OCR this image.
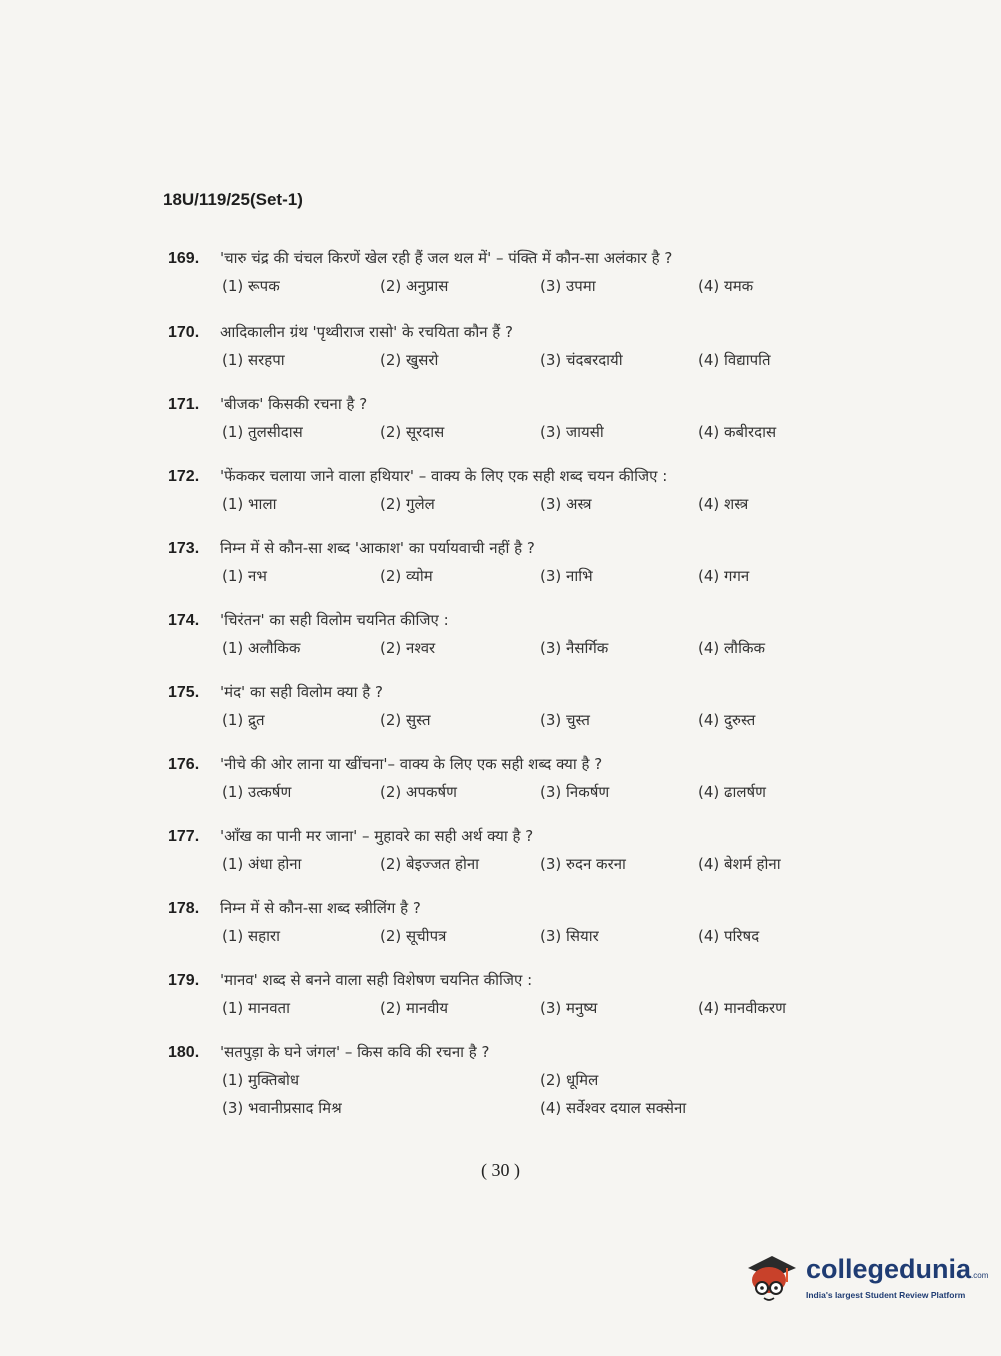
18U/119/25(Set-1)
169.	'चारु चंद्र की चंचल किरणें खेल रही हैं जल थल में' – पंक्ति में कौन-सा अलंकार है ?
(1) रूपक	(2) अनुप्रास	(3) उपमा	(4) यमक
170.	आदिकालीन ग्रंथ 'पृथ्वीराज रासो' के रचयिता कौन हैं ?
(1) सरहपा	(2) खुसरो	(3) चंदबरदायी	(4) विद्यापति
171.	'बीजक' किसकी रचना है ?
(1) तुलसीदास	(2) सूरदास	(3) जायसी	(4) कबीरदास
172.	'फेंककर चलाया जाने वाला हथियार' – वाक्य के लिए एक सही शब्द चयन कीजिए :
(1) भाला	(2) गुलेल	(3) अस्त्र	(4) शस्त्र
173.	निम्न में से कौन-सा शब्द 'आकाश' का पर्यायवाची नहीं है ?
(1) नभ	(2) व्योम	(3) नाभि	(4) गगन
174.	'चिरंतन' का सही विलोम चयनित कीजिए :
(1) अलौकिक	(2) नश्वर	(3) नैसर्गिक	(4) लौकिक
175.	'मंद' का सही विलोम क्या है ?
(1) द्रुत	(2) सुस्त	(3) चुस्त	(4) दुरुस्त
176.	'नीचे की ओर लाना या खींचना'– वाक्य के लिए एक सही शब्द क्या है ?
(1) उत्कर्षण	(2) अपकर्षण	(3) निकर्षण	(4) ढालर्षण
177.	'आँख का पानी मर जाना' – मुहावरे का सही अर्थ क्या है ?
(1) अंधा होना	(2) बेइज्जत होना	(3) रुदन करना	(4) बेशर्म होना
178.	निम्न में से कौन-सा शब्द स्त्रीलिंग है ?
(1) सहारा	(2) सूचीपत्र	(3) सियार	(4) परिषद
179.	'मानव' शब्द से बनने वाला सही विशेषण चयनित कीजिए :
(1) मानवता	(2) मानवीय	(3) मनुष्य	(4) मानवीकरण
180.	'सतपुड़ा के घने जंगल' – किस कवि की रचना है ?
(1) मुक्तिबोध	(2) धूमिल
(3) भवानीप्रसाद मिश्र	(4) सर्वेश्वर दयाल सक्सेना
( 30 )
collegedunia.com
India's largest Student Review Platform
